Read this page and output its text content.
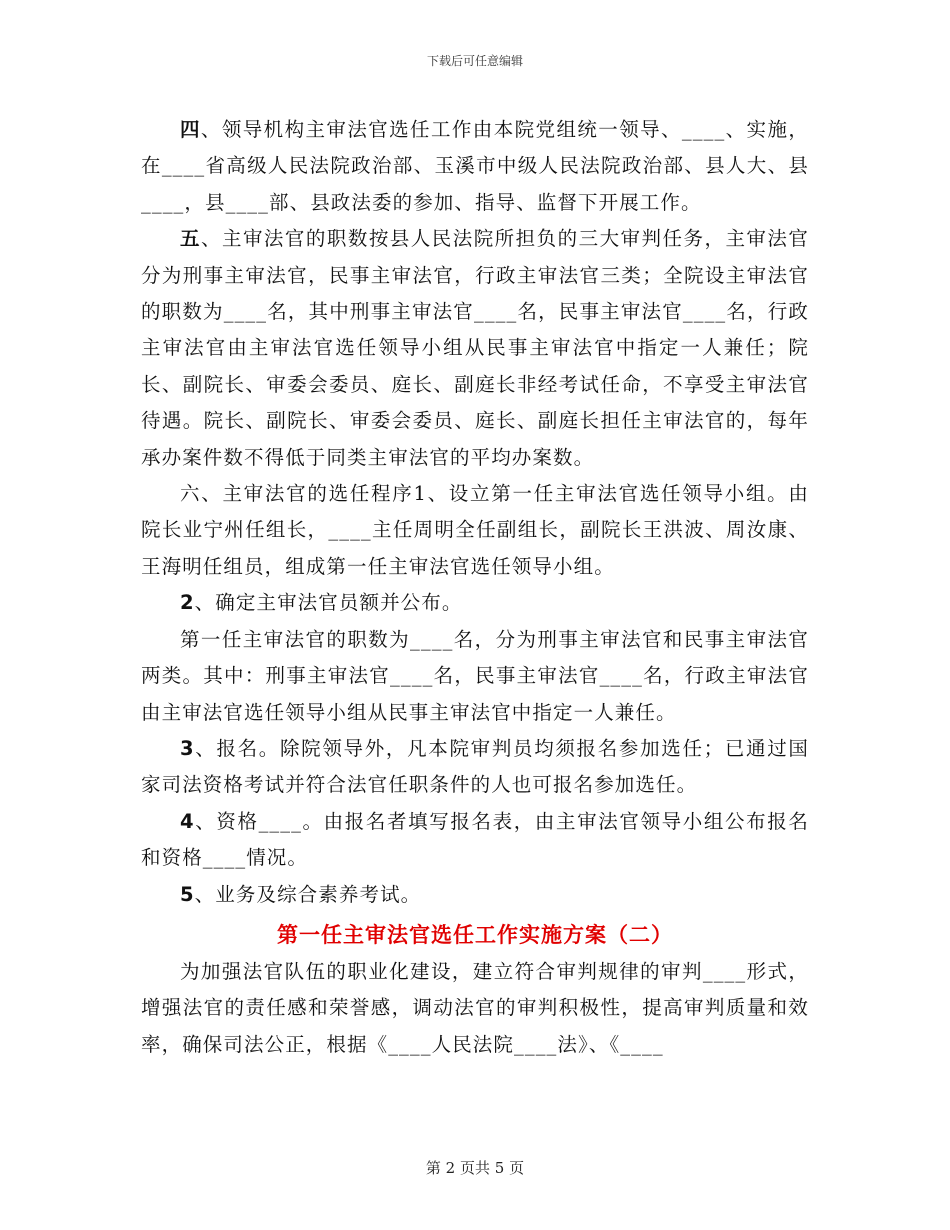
下载后可任意编辑

四、领导机构主审法官选任工作由本院党组统一领导、____、实施，在____省高级人民法院政治部、玉溪市中级人民法院政治部、县人大、县____，县____部、县政法委的参加、指导、监督下开展工作。

五、主审法官的职数按县人民法院所担负的三大审判任务，主审法官分为刑事主审法官，民事主审法官，行政主审法官三类；全院设主审法官的职数为____名，其中刑事主审法官____名，民事主审法官____名，行政主审法官由主审法官选任领导小组从民事主审法官中指定一人兼任；院长、副院长、审委会委员、庭长、副庭长非经考试任命，不享受主审法官待遇。院长、副院长、审委会委员、庭长、副庭长担任主审法官的，每年承办案件数不得低于同类主审法官的平均办案数。

六、主审法官的选任程序1、设立第一任主审法官选任领导小组。由院长业宁州任组长，____主任周明全任副组长，副院长王洪波、周汝康、王海明任组员，组成第一任主审法官选任领导小组。

2、确定主审法官员额并公布。

第一任主审法官的职数为____名，分为刑事主审法官和民事主审法官两类。其中：刑事主审法官____名，民事主审法官____名，行政主审法官由主审法官选任领导小组从民事主审法官中指定一人兼任。

3、报名。除院领导外，凡本院审判员均须报名参加选任；已通过国家司法资格考试并符合法官任职条件的人也可报名参加选任。

4、资格____。由报名者填写报名表，由主审法官领导小组公布报名和资格____情况。

5、业务及综合素养考试。

第一任主审法官选任工作实施方案（二）

为加强法官队伍的职业化建设，建立符合审判规律的审判____形式，增强法官的责任感和荣誉感，调动法官的审判积极性，提高审判质量和效率，确保司法公正，根据《____人民法院____法》、《____

第 2 页共 5 页
